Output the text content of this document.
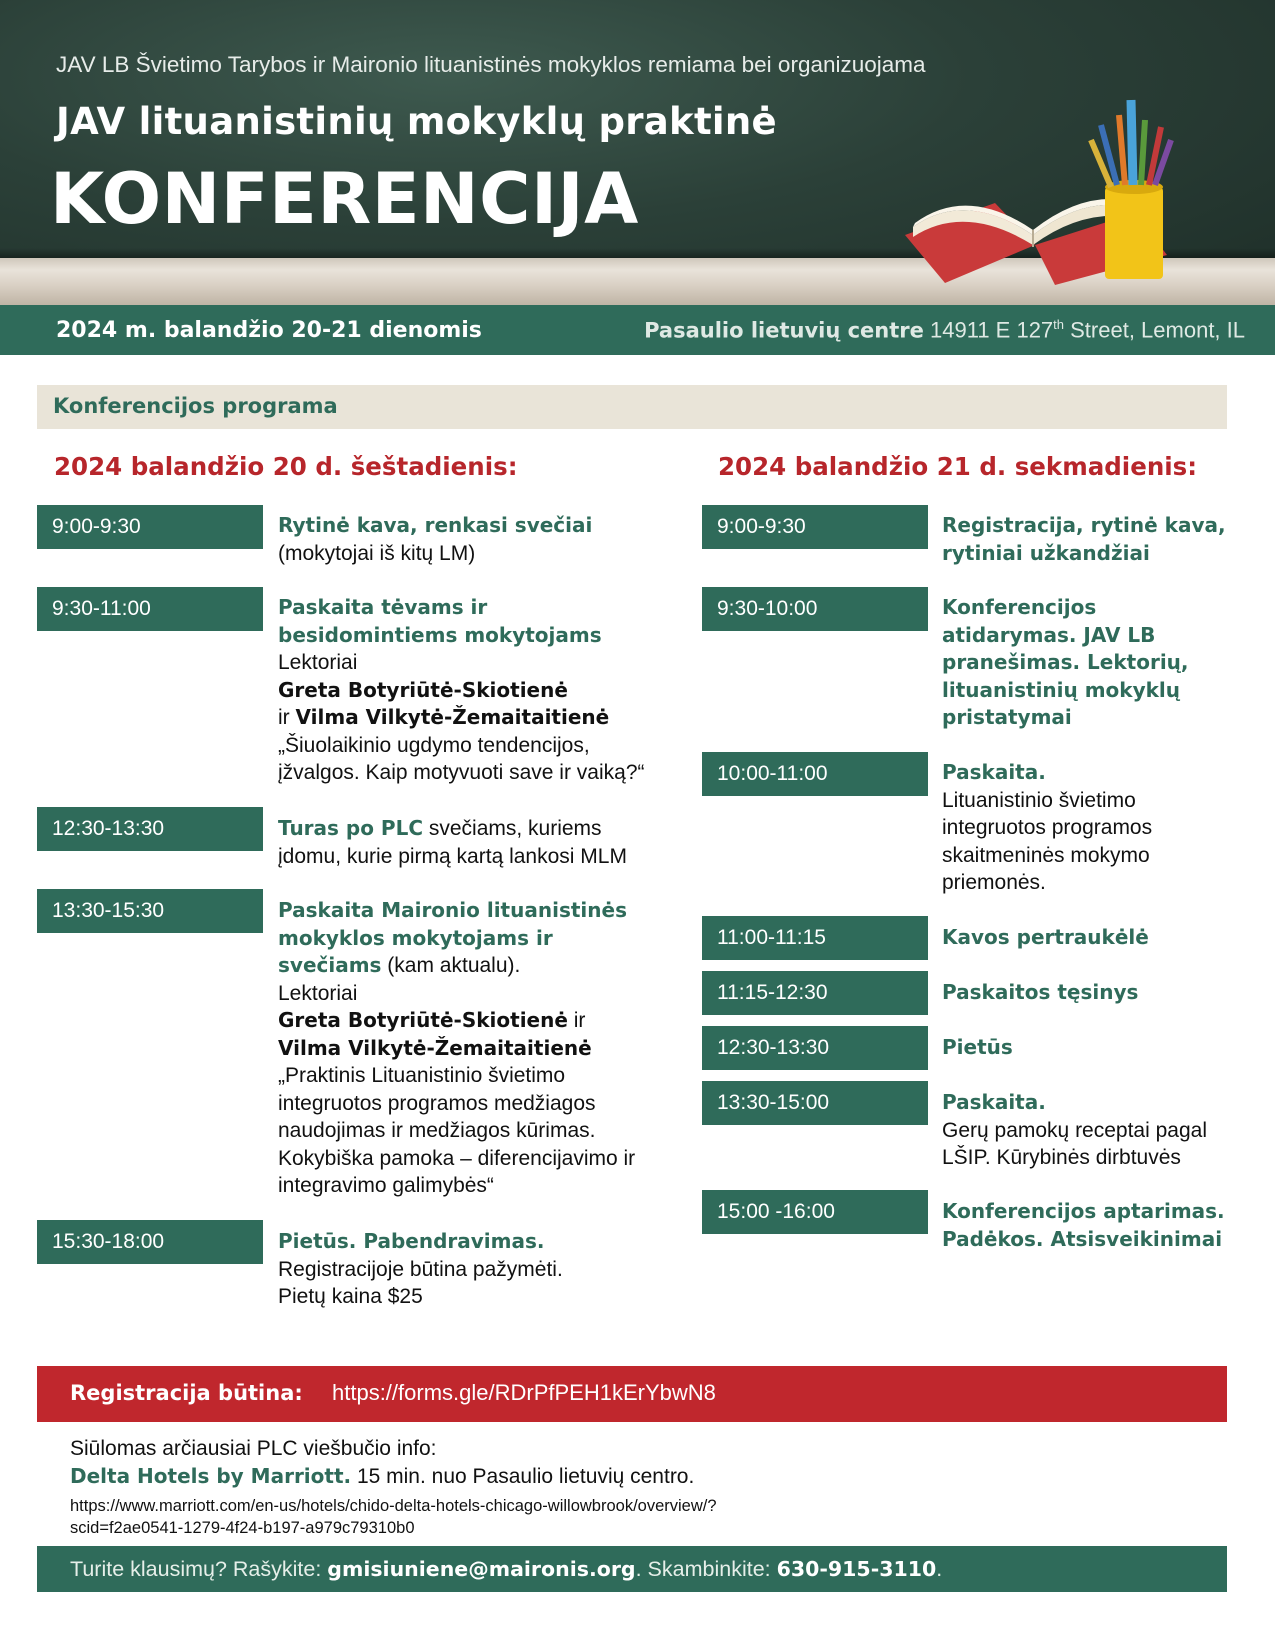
JAV LB Švietimo Tarybos ir Maironio lituanistinės mokyklos remiama bei organizuojama
JAV lituanistinių mokyklų praktinė
KONFERENCIJA
2024 m. balandžio 20-21 dienomis	Pasaulio lietuvių centre 14911 E 127th Street, Lemont, IL
Konferencijos programa
2024 balandžio 20 d. šeštadienis:
9:00-9:30	Rytinė kava, renkasi svečiai
(mokytojai iš kitų LM)
9:30-11:00	Paskaita tėvams ir besidomintiems mokytojams
Lektoriai
Greta Botyriūtė-Skiotienė
ir Vilma Vilkytė-Žemaitaitienė
„Šiuolaikinio ugdymo tendencijos, įžvalgos. Kaip motyvuoti save ir vaiką?“
12:30-13:30	Turas po PLC svečiams, kuriems įdomu, kurie pirmą kartą lankosi MLM
13:30-15:30	Paskaita Maironio lituanistinės mokyklos mokytojams ir svečiams (kam aktualu).
Lektoriai
Greta Botyriūtė-Skiotienė ir
Vilma Vilkytė-Žemaitaitienė
„Praktinis Lituanistinio švietimo integruotos programos medžiagos naudojimas ir medžiagos kūrimas. Kokybiška pamoka – diferencijavimo ir integravimo galimybės“
15:30-18:00	Pietūs. Pabendravimas.
Registracijoje būtina pažymėti.
Pietų kaina $25
2024 balandžio 21 d. sekmadienis:
9:00-9:30	Registracija, rytinė kava, rytiniai užkandžiai
9:30-10:00	Konferencijos atidarymas. JAV LB pranešimas. Lektorių, lituanistinių mokyklų pristatymai
10:00-11:00	Paskaita.
Lituanistinio švietimo integruotos programos skaitmeninės mokymo priemonės.
11:00-11:15	Kavos pertraukėlė
11:15-12:30	Paskaitos tęsinys
12:30-13:30	Pietūs
13:30-15:00	Paskaita.
Gerų pamokų receptai pagal LŠIP. Kūrybinės dirbtuvės
15:00 -16:00	Konferencijos aptarimas. Padėkos. Atsisveikinimai
Registracija būtina: https://forms.gle/RDrPfPEH1kErYbwN8
Siūlomas arčiausiai PLC viešbučio info:
Delta Hotels by Marriott. 15 min. nuo Pasaulio lietuvių centro.
https://www.marriott.com/en-us/hotels/chido-delta-hotels-chicago-willowbrook/overview/?scid=f2ae0541-1279-4f24-b197-a979c79310b0
Turite klausimų? Rašykite: gmisiuniene@maironis.org. Skambinkite: 630-915-3110.
